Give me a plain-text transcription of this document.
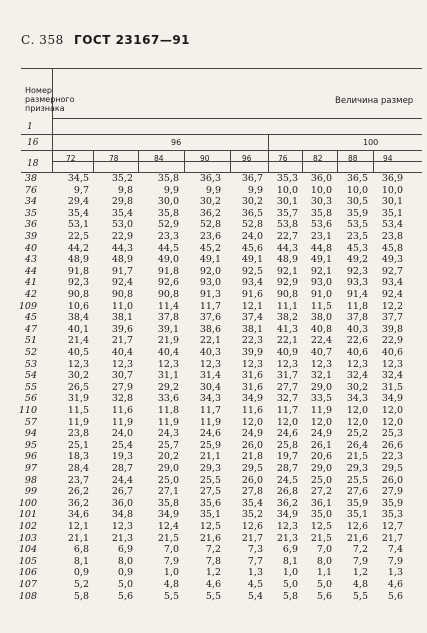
С. 358 ГОСТ 23167—91
Номер
размерного
признака
Величина размер
1
16
18
96	100
72	78	84	90	96	76	82	88	94
38	34,5	35,2	35,8	36,3	36,7	35,3	36,0	36,5	36,9
76	9,7	9,8	9,9	9,9	9,9	10,0	10,0	10,0	10,0
34	29,4	29,8	30,0	30,2	30,2	30,1	30,3	30,5	30,1
35	35,4	35,4	35,8	36,2	36,5	35,7	35,8	35,9	35,1
36	53,1	53,0	52,9	52,8	52,8	53,8	53,6	53,5	53,4
39	22,5	22,9	23,3	23,6	24,0	22,7	23,1	23,5	23,8
40	44,2	44,3	44,5	45,2	45,6	44,3	44,8	45,3	45,8
43	48,9	48,9	49,0	49,1	49,1	48,9	49,1	49,2	49,3
44	91,8	91,7	91,8	92,0	92,5	92,1	92,1	92,3	92,7
41	92,3	92,4	92,6	93,0	93,4	92,9	93,0	93,3	93,4
42	90,8	90,8	90,8	91,3	91,6	90,8	91,0	91,4	92,4
109	10,6	11,0	11,4	11,7	12,1	11,1	11,5	11,8	12,2
45	38,4	38,1	37,8	37,6	37,4	38,2	38,0	37,8	37,7
47	40,1	39,6	39,1	38,6	38,1	41,3	40,8	40,3	39,8
51	21,4	21,7	21,9	22,1	22,3	22,1	22,4	22,6	22,9
52	40,5	40,4	40,4	40,3	39,9	40,9	40,7	40,6	40,6
53	12,3	12,3	12,3	12,3	12,3	12,3	12,3	12,3	12,3
54	30,2	30,7	31,1	31,4	31,6	31,7	32,1	32,4	32,4
55	26,5	27,9	29,2	30,4	31,6	27,7	29,0	30,2	31,5
56	31,9	32,8	33,6	34,3	34,9	32,7	33,5	34,3	34,9
110	11,5	11,6	11,8	11,7	11,6	11,7	11,9	12,0	12,0
57	11,9	11,9	11,9	11,9	12,0	12,0	12,0	12,0	12,0
94	23,8	24,0	24,3	24,6	24,9	24,6	24,9	25,2	25,3
95	25,1	25,4	25,7	25,9	26,0	25,8	26,1	26,4	26,6
96	18,3	19,3	20,2	21,1	21,8	19,7	20,6	21,5	22,3
97	28,4	28,7	29,0	29,3	29,5	28,7	29,0	29,3	29,5
98	23,7	24,4	25,0	25,5	26,0	24,5	25,0	25,5	26,0
99	26,2	26,7	27,1	27,5	27,8	26,8	27,2	27,6	27,9
100	36,2	36,0	35,8	35,6	35,4	36,2	36,1	35,9	35,9
101	34,6	34,8	34,9	35,1	35,2	34,9	35,0	35,1	35,3
102	12,1	12,3	12,4	12,5	12,6	12,3	12,5	12,6	12,7
103	21,1	21,3	21,5	21,6	21,7	21,3	21,5	21,6	21,7
104	6,8	6,9	7,0	7,2	7,3	6,9	7,0	7,2	7,4
105	8,1	8,0	7,9	7,8	7,7	8,1	8,0	7,9	7,9
106	0,9	0,9	1,0	1,2	1,3	1,0	1,1	1,2	1,3
107	5,2	5,0	4,8	4,6	4,5	5,0	5,0	4,8	4,6
108	5,8	5,6	5,5	5,5	5,4	5,8	5,6	5,5	5,6
